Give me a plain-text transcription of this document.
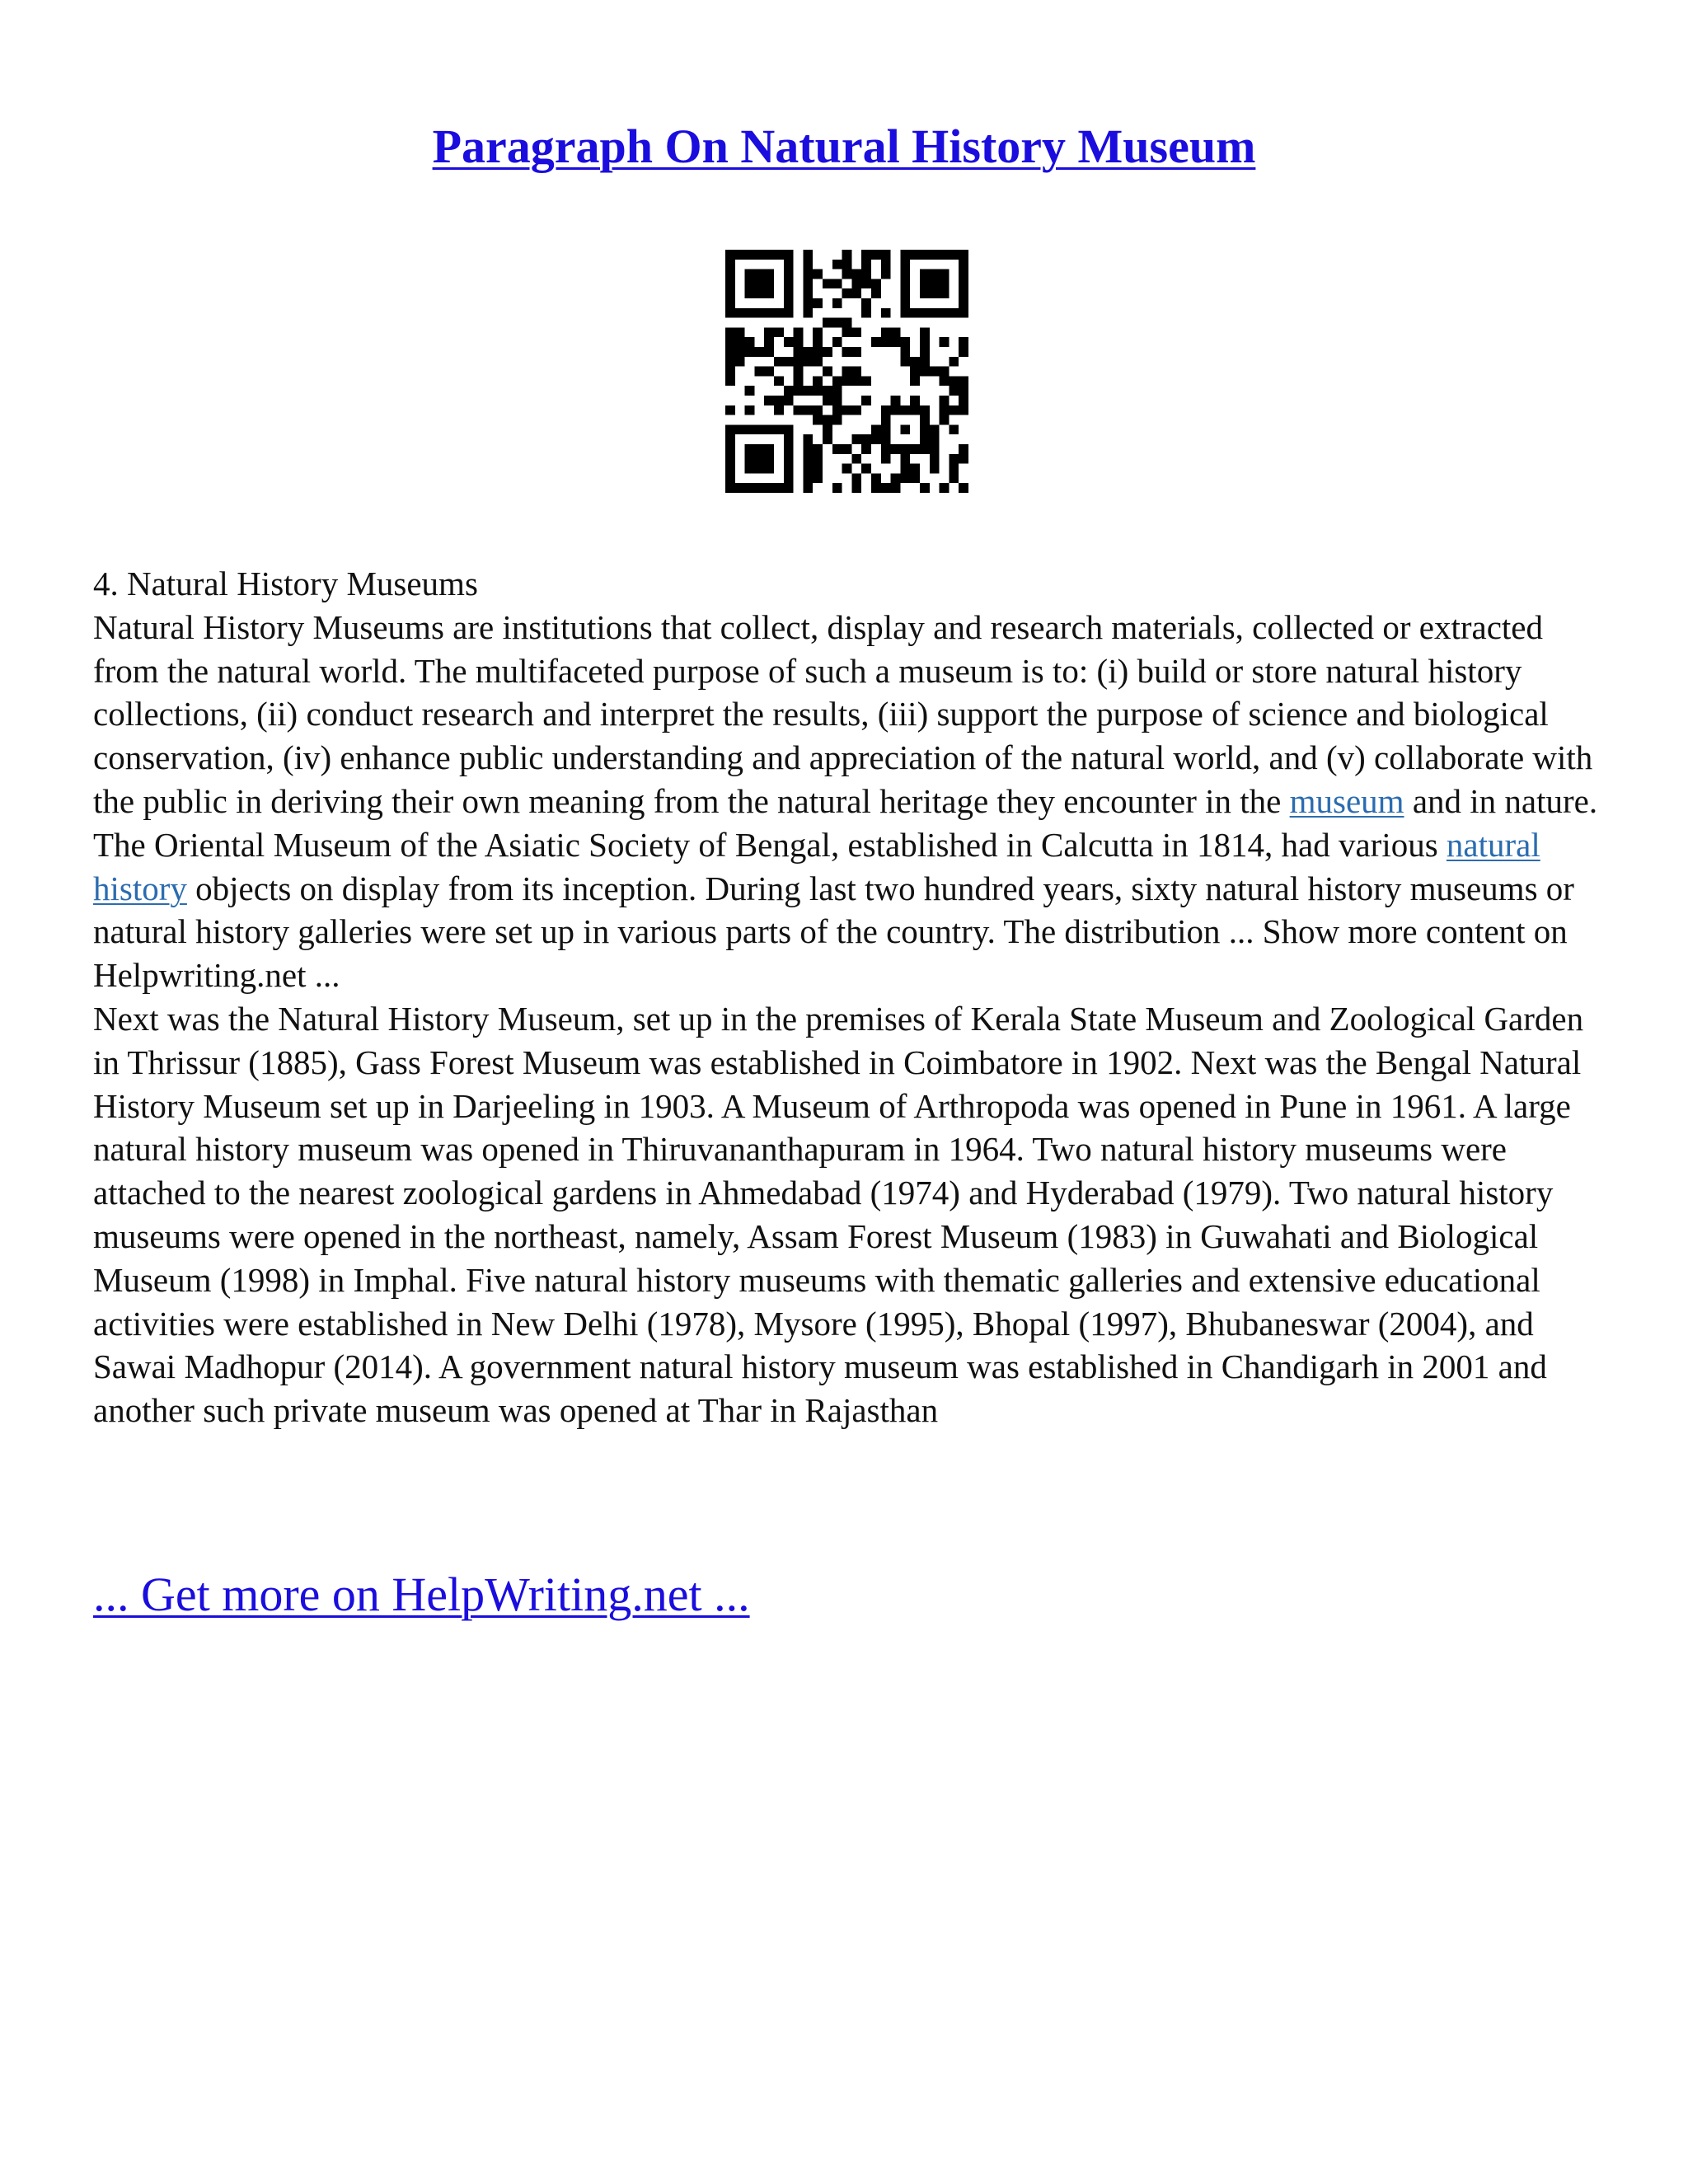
Paragraph On Natural History Museum

4. Natural History Museums

Natural History Museums are institutions that collect, display and research materials, collected or extracted from the natural world. The multifaceted purpose of such a museum is to: (i) build or store natural history collections, (ii) conduct research and interpret the results, (iii) support the purpose of science and biological conservation, (iv) enhance public understanding and appreciation of the natural world, and (v) collaborate with the public in deriving their own meaning from the natural heritage they encounter in the museum and in nature.

The Oriental Museum of the Asiatic Society of Bengal, established in Calcutta in 1814, had various natural history objects on display from its inception. During last two hundred years, sixty natural history museums or natural history galleries were set up in various parts of the country. The distribution ... Show more content on Helpwriting.net ...

Next was the Natural History Museum, set up in the premises of Kerala State Museum and Zoological Garden in Thrissur (1885), Gass Forest Museum was established in Coimbatore in 1902. Next was the Bengal Natural History Museum set up in Darjeeling in 1903. A Museum of Arthropoda was opened in Pune in 1961. A large natural history museum was opened in Thiruvananthapuram in 1964. Two natural history museums were attached to the nearest zoological gardens in Ahmedabad (1974) and Hyderabad (1979). Two natural history museums were opened in the northeast, namely, Assam Forest Museum (1983) in Guwahati and Biological Museum (1998) in Imphal. Five natural history museums with thematic galleries and extensive educational activities were established in New Delhi (1978), Mysore (1995), Bhopal (1997), Bhubaneswar (2004), and Sawai Madhopur (2014). A government natural history museum was established in Chandigarh in 2001 and another such private museum was opened at Thar in Rajasthan

... Get more on HelpWriting.net ...
